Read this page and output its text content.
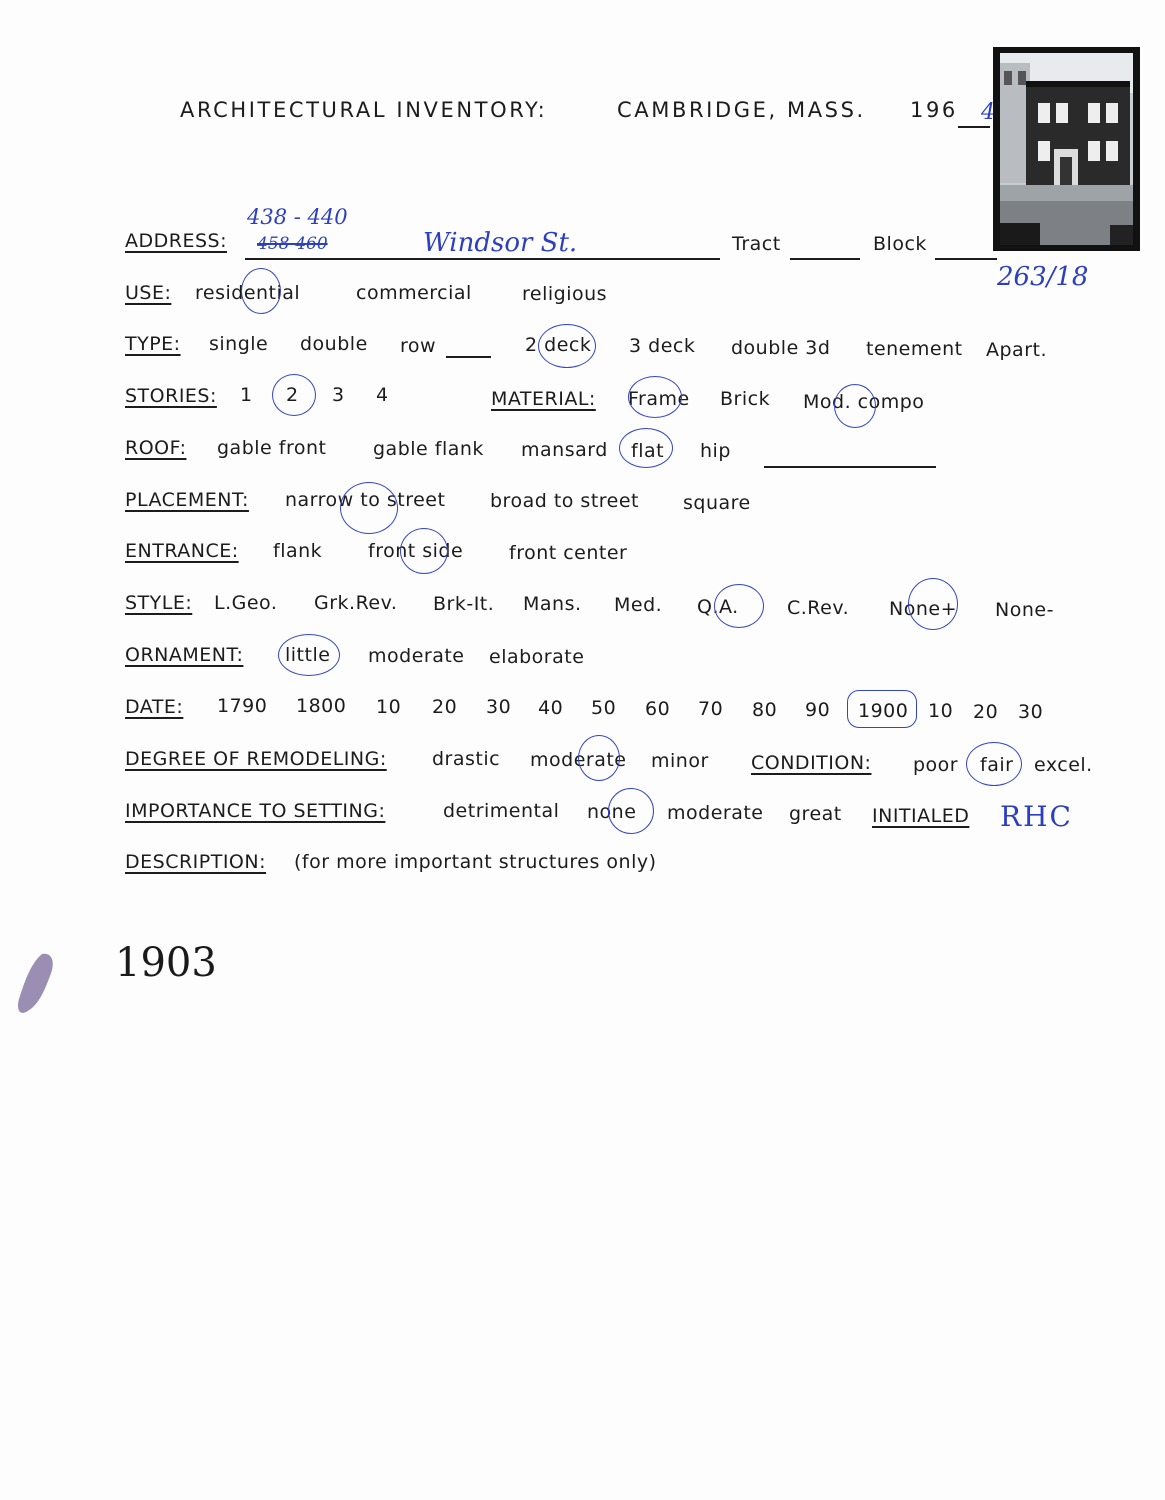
ARCHITECTURAL INVENTORY:	CAMBRIDGE, MASS. 196 4
ADDRESS:
438 - 440
458-460	Windsor St.	Tract	Block
263/18
USE: residential	commercial	religious
TYPE: single double row	2 deck 3 deck double 3d tenement Apart.
STORIES: 1 2 3 4	MATERIAL: Frame Brick Mod. compo
ROOF: gable front gable flank mansard flat hip
PLACEMENT: narrow to street broad to street square
ENTRANCE: flank front side front center
STYLE: L.Geo. Grk.Rev. Brk-It. Mans. Med. Q.A.	C.Rev. None+ None-
ORNAMENT: little moderate elaborate
DATE: 1790 1800 10 20 30 40 50 60 70 80 90 1900 10 20 30
DEGREE OF REMODELING: drastic moderate minor CONDITION: poor fair excel.
IMPORTANCE TO SETTING:	detrimental none moderate great INITIALED RHC
DESCRIPTION: (for more important structures only)
1903
